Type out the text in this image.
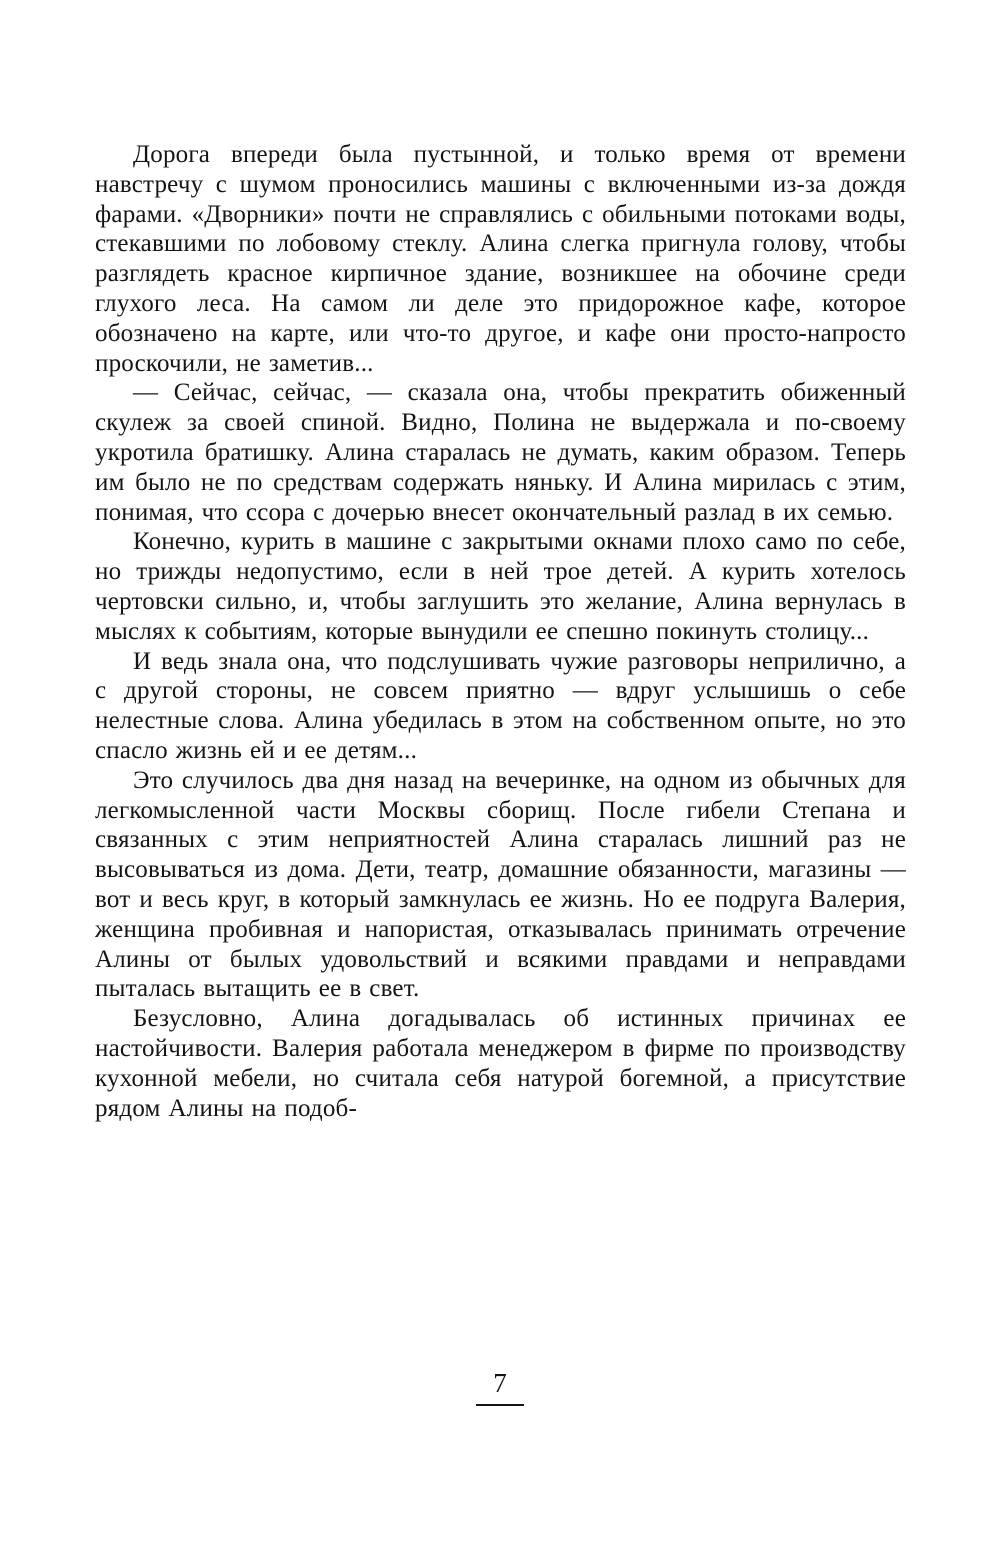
Дорога впереди была пустынной, и только время от времени навстречу с шумом проносились машины с включенными из-за дождя фарами. «Дворники» почти не справлялись с обильными потоками воды, стекавшими по лобовому стеклу. Алина слегка пригнула голову, чтобы разглядеть красное кирпичное здание, возникшее на обочине среди глухого леса. На самом ли деле это придорожное кафе, которое обозначено на карте, или что-то другое, и кафе они просто-напросто проскочили, не заметив...

— Сейчас, сейчас, — сказала она, чтобы прекратить обиженный скулеж за своей спиной. Видно, Полина не выдержала и по-своему укротила братишку. Алина старалась не думать, каким образом. Теперь им было не по средствам содержать няньку. И Алина мирилась с этим, понимая, что ссора с дочерью внесет окончательный разлад в их семью.

Конечно, курить в машине с закрытыми окнами плохо само по себе, но трижды недопустимо, если в ней трое детей. А курить хотелось чертовски сильно, и, чтобы заглушить это желание, Алина вернулась в мыслях к событиям, которые вынудили ее спешно покинуть столицу...

И ведь знала она, что подслушивать чужие разговоры неприлично, а с другой стороны, не совсем приятно — вдруг услышишь о себе нелестные слова. Алина убедилась в этом на собственном опыте, но это спасло жизнь ей и ее детям...

Это случилось два дня назад на вечеринке, на одном из обычных для легкомысленной части Москвы сборищ. После гибели Степана и связанных с этим неприятностей Алина старалась лишний раз не высовываться из дома. Дети, театр, домашние обязанности, магазины — вот и весь круг, в который замкнулась ее жизнь. Но ее подруга Валерия, женщина пробивная и напористая, отказывалась принимать отречение Алины от былых удовольствий и всякими правдами и неправдами пыталась вытащить ее в свет.

Безусловно, Алина догадывалась об истинных причинах ее настойчивости. Валерия работала менеджером в фирме по производству кухонной мебели, но считала себя натурой богемной, а присутствие рядом Алины на подоб-

7
